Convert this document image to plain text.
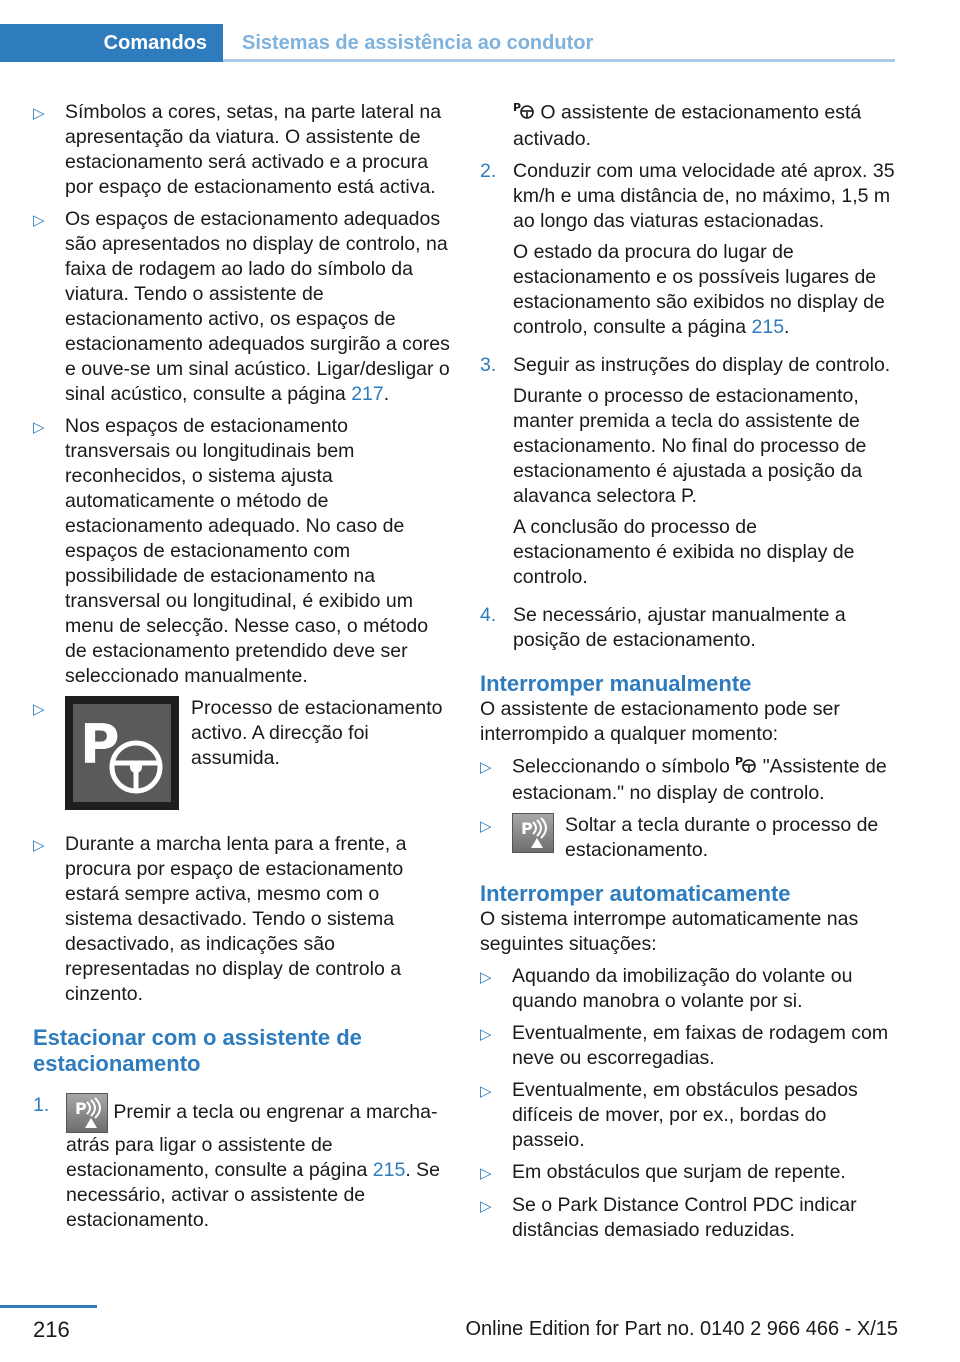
Comandos	Sistemas de assistência ao condutor
▷	Símbolos a cores, setas, na parte lateral na apresentação da viatura. O assistente de estacionamento será activado e a procura por espaço de estacionamento está activa.
▷	Os espaços de estacionamento adequados são apresentados no display de controlo, na faixa de rodagem ao lado do símbolo da viatura. Tendo o assistente de estacionamento activo, os espaços de estacionamento adequados surgirão a cores e ouve-se um sinal acústico. Ligar/desligar o sinal acústico, consulte a página 217.
▷	Nos espaços de estacionamento transversais ou longitudinais bem reconhecidos, o sistema ajusta automaticamente o método de estacionamento adequado. No caso de espaços de estacionamento com possibilidade de estacionamento na transversal ou longitudinal, é exibido um menu de selecção. Nesse caso, o método de estacionamento pretendido deve ser seleccionado manualmente.
▷
P
Processo de estacionamento activo. A direcção foi assumida.
▷	Durante a marcha lenta para a frente, a procura por espaço de estacionamento estará sempre activa, mesmo com o sistema desactivado. Tendo o sistema desactivado, as indicações são representadas no display de controlo a cinzento.
Estacionar com o assistente de estacionamento
1.	P Premir a tecla ou engrenar a marcha-atrás para ligar o assistente de estacionamento, consulte a página 215. Se necessário, activar o assistente de estacionamento.
P O assistente de estacionamento está activado.
2. Conduzir com uma velocidade até aprox. 35 km/h e uma distância de, no máximo, 1,5 m ao longo das viaturas estacionadas.

O estado da procura do lugar de estacionamento e os possíveis lugares de estacionamento são exibidos no display de controlo, consulte a página 215.

3. Seguir as instruções do display de controlo.

Durante o processo de estacionamento, manter premida a tecla do assistente de estacionamento. No final do processo de estacionamento é ajustada a posição da alavanca selectora P.

A conclusão do processo de estacionamento é exibida no display de controlo.

4. Se necessário, ajustar manualmente a posição de estacionamento.
Interromper manualmente
O assistente de estacionamento pode ser interrompido a qualquer momento:
▷	Seleccionando o símbolo P "Assistente de estacionam." no display de controlo.
▷	P Soltar a tecla durante o processo de estacionamento.
Interromper automaticamente
O sistema interrompe automaticamente nas seguintes situações:
▷	Aquando da imobilização do volante ou quando manobra o volante por si.
▷	Eventualmente, em faixas de rodagem com neve ou escorregadias.
▷	Eventualmente, em obstáculos pesados difíceis de mover, por ex., bordas do passeio.
▷	Em obstáculos que surjam de repente.
▷	Se o Park Distance Control PDC indicar distâncias demasiado reduzidas.
216	Online Edition for Part no. 0140 2 966 466 - X/15
